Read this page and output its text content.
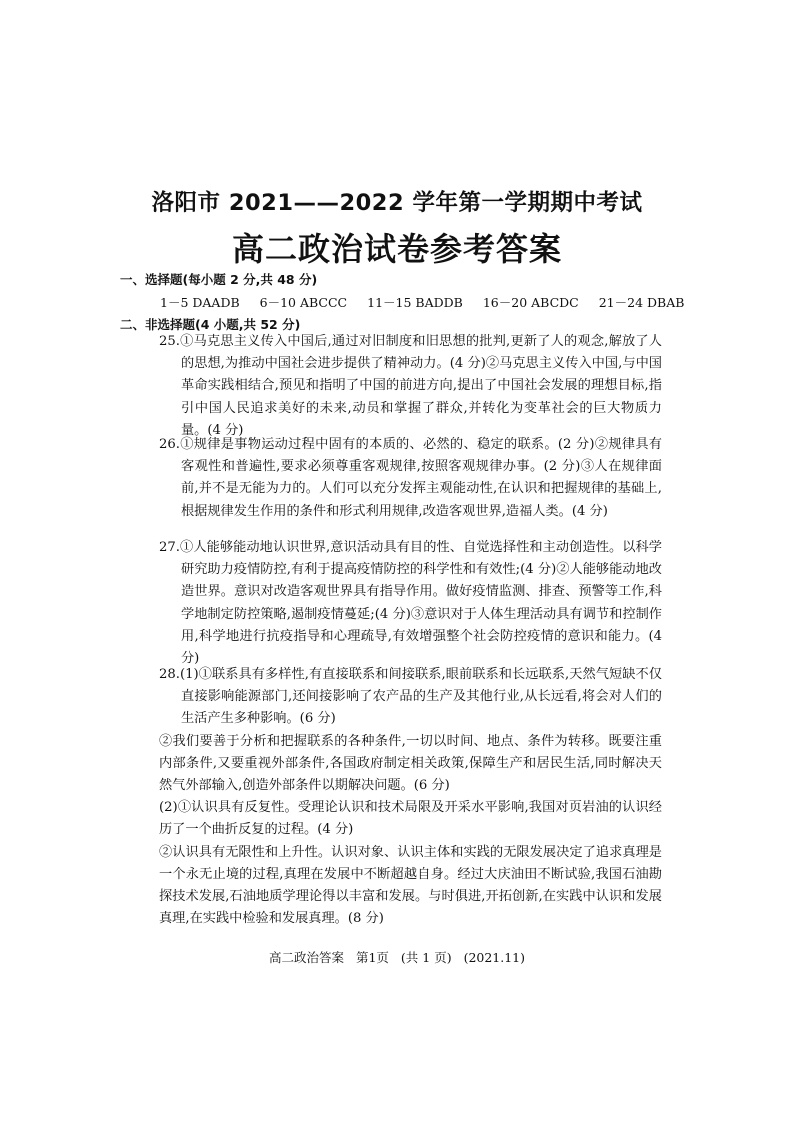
洛阳市 2021——2022 学年第一学期期中考试
高二政治试卷参考答案
一、选择题(每小题 2 分,共 48 分)
1－5 DAADB 6－10 ABCCC 11－15 BADDB 16－20 ABCDC 21－24 DBAB
二、非选择题(4 小题,共 52 分)

25.①马克思主义传入中国后,通过对旧制度和旧思想的批判,更新了人的观念,解放了人的思想,为推动中国社会进步提供了精神动力。(4 分)②马克思主义传入中国,与中国革命实践相结合,预见和指明了中国的前进方向,提出了中国社会发展的理想目标,指引中国人民追求美好的未来,动员和掌握了群众,并转化为变革社会的巨大物质力量。(4 分)

26.①规律是事物运动过程中固有的本质的、必然的、稳定的联系。(2 分)②规律具有客观性和普遍性,要求必须尊重客观规律,按照客观规律办事。(2 分)③人在规律面前,并不是无能为力的。人们可以充分发挥主观能动性,在认识和把握规律的基础上,根据规律发生作用的条件和形式利用规律,改造客观世界,造福人类。(4 分)

27.①人能够能动地认识世界,意识活动具有目的性、自觉选择性和主动创造性。以科学研究助力疫情防控,有利于提高疫情防控的科学性和有效性;(4 分)②人能够能动地改造世界。意识对改造客观世界具有指导作用。做好疫情监测、排查、预警等工作,科学地制定防控策略,遏制疫情蔓延;(4 分)③意识对于人体生理活动具有调节和控制作用,科学地进行抗疫指导和心理疏导,有效增强整个社会防控疫情的意识和能力。(4 分)

28.(1)①联系具有多样性,有直接联系和间接联系,眼前联系和长远联系,天然气短缺不仅直接影响能源部门,还间接影响了农产品的生产及其他行业,从长远看,将会对人们的生活产生多种影响。(6 分)

②我们要善于分析和把握联系的各种条件,一切以时间、地点、条件为转移。既要注重内部条件,又要重视外部条件,各国政府制定相关政策,保障生产和居民生活,同时解决天然气外部输入,创造外部条件以期解决问题。(6 分)

(2)①认识具有反复性。受理论认识和技术局限及开采水平影响,我国对页岩油的认识经历了一个曲折反复的过程。(4 分)

②认识具有无限性和上升性。认识对象、认识主体和实践的无限发展决定了追求真理是一个永无止境的过程,真理在发展中不断超越自身。经过大庆油田不断试验,我国石油勘探技术发展,石油地质学理论得以丰富和发展。与时俱进,开拓创新,在实践中认识和发展真理,在实践中检验和发展真理。(8 分)

高二政治答案 第1页 (共 1 页) (2021.11)
